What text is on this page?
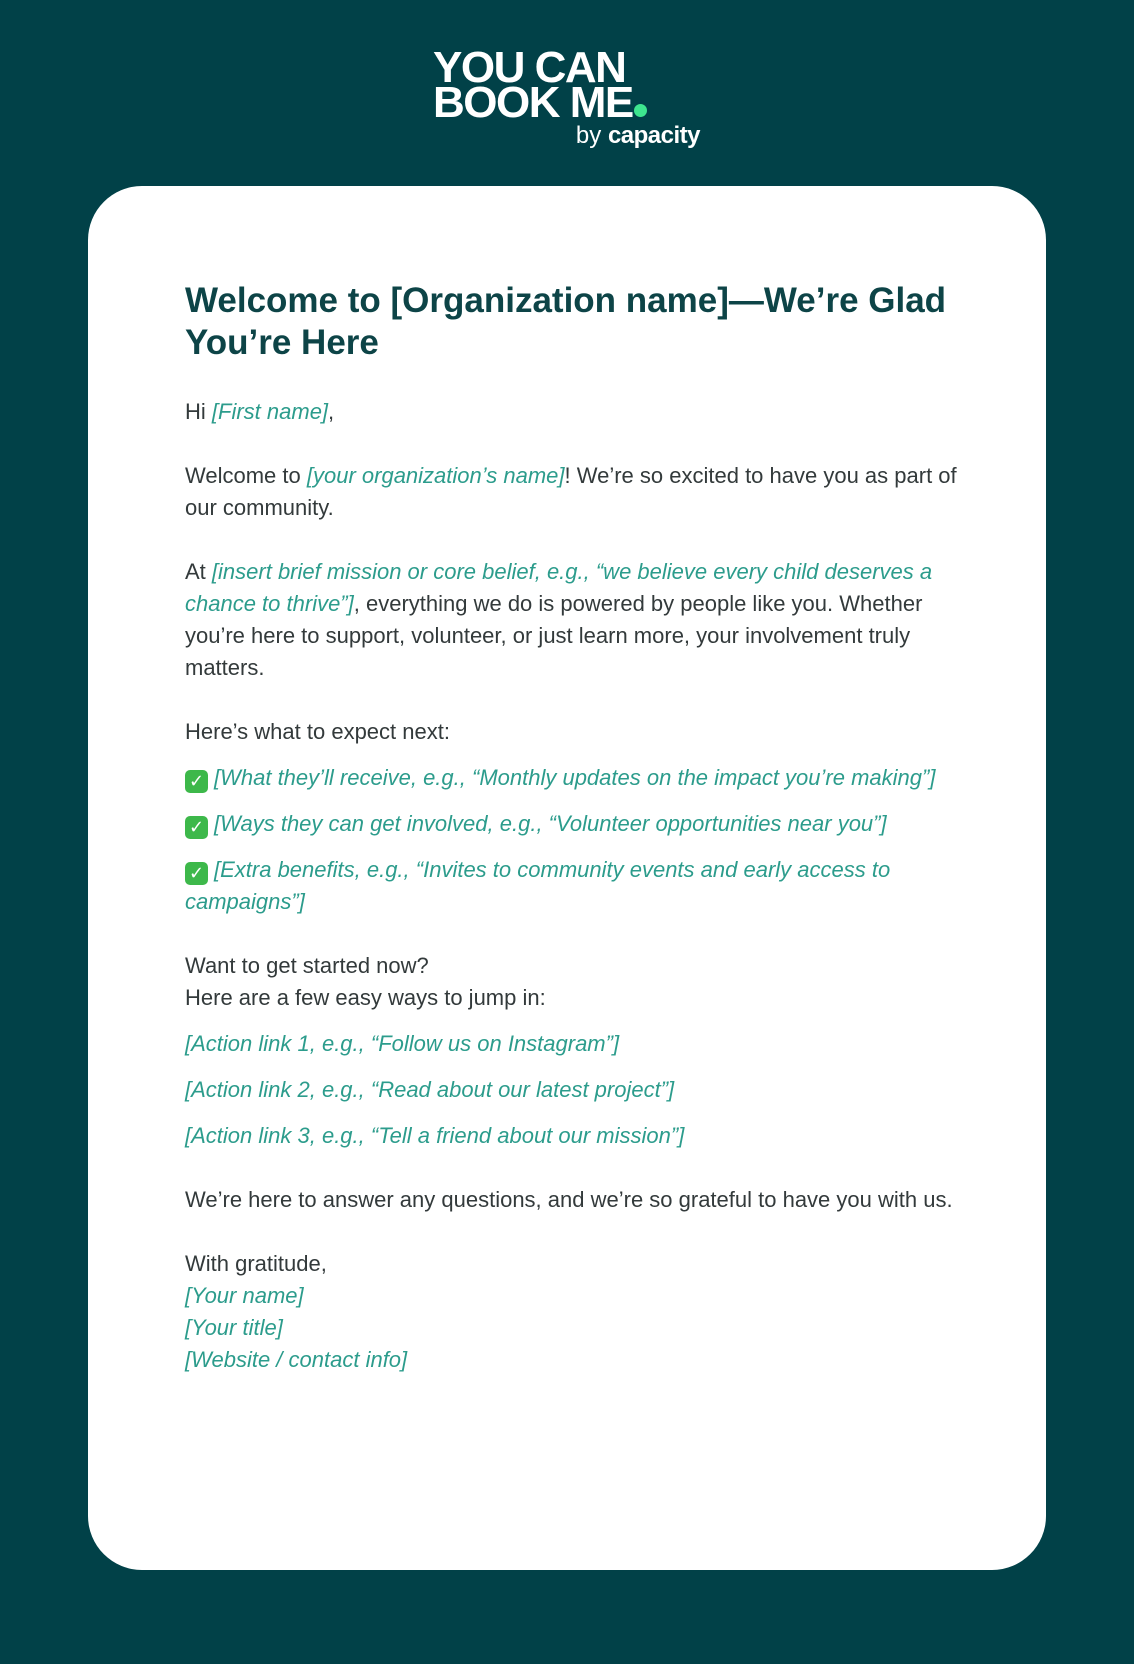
YOU CAN
BOOK ME
by capacity
Welcome to [Organization name]—We’re Glad You’re Here

Hi [First name],

Welcome to [your organization’s name]! We’re so excited to have you as part of our community.

At [insert brief mission or core belief, e.g., “we believe every child deserves a chance to thrive”], everything we do is powered by people like you. Whether you’re here to support, volunteer, or just learn more, your involvement truly matters.

Here’s what to expect next:

✓ [What they’ll receive, e.g., “Monthly updates on the impact you’re making”]

✓ [Ways they can get involved, e.g., “Volunteer opportunities near you”]

✓ [Extra benefits, e.g., “Invites to community events and early access to campaigns”]

Want to get started now?

Here are a few easy ways to jump in:

[Action link 1, e.g., “Follow us on Instagram”]

[Action link 2, e.g., “Read about our latest project”]

[Action link 3, e.g., “Tell a friend about our mission”]

We’re here to answer any questions, and we’re so grateful to have you with us.

With gratitude,

[Your name]

[Your title]

[Website / contact info]
